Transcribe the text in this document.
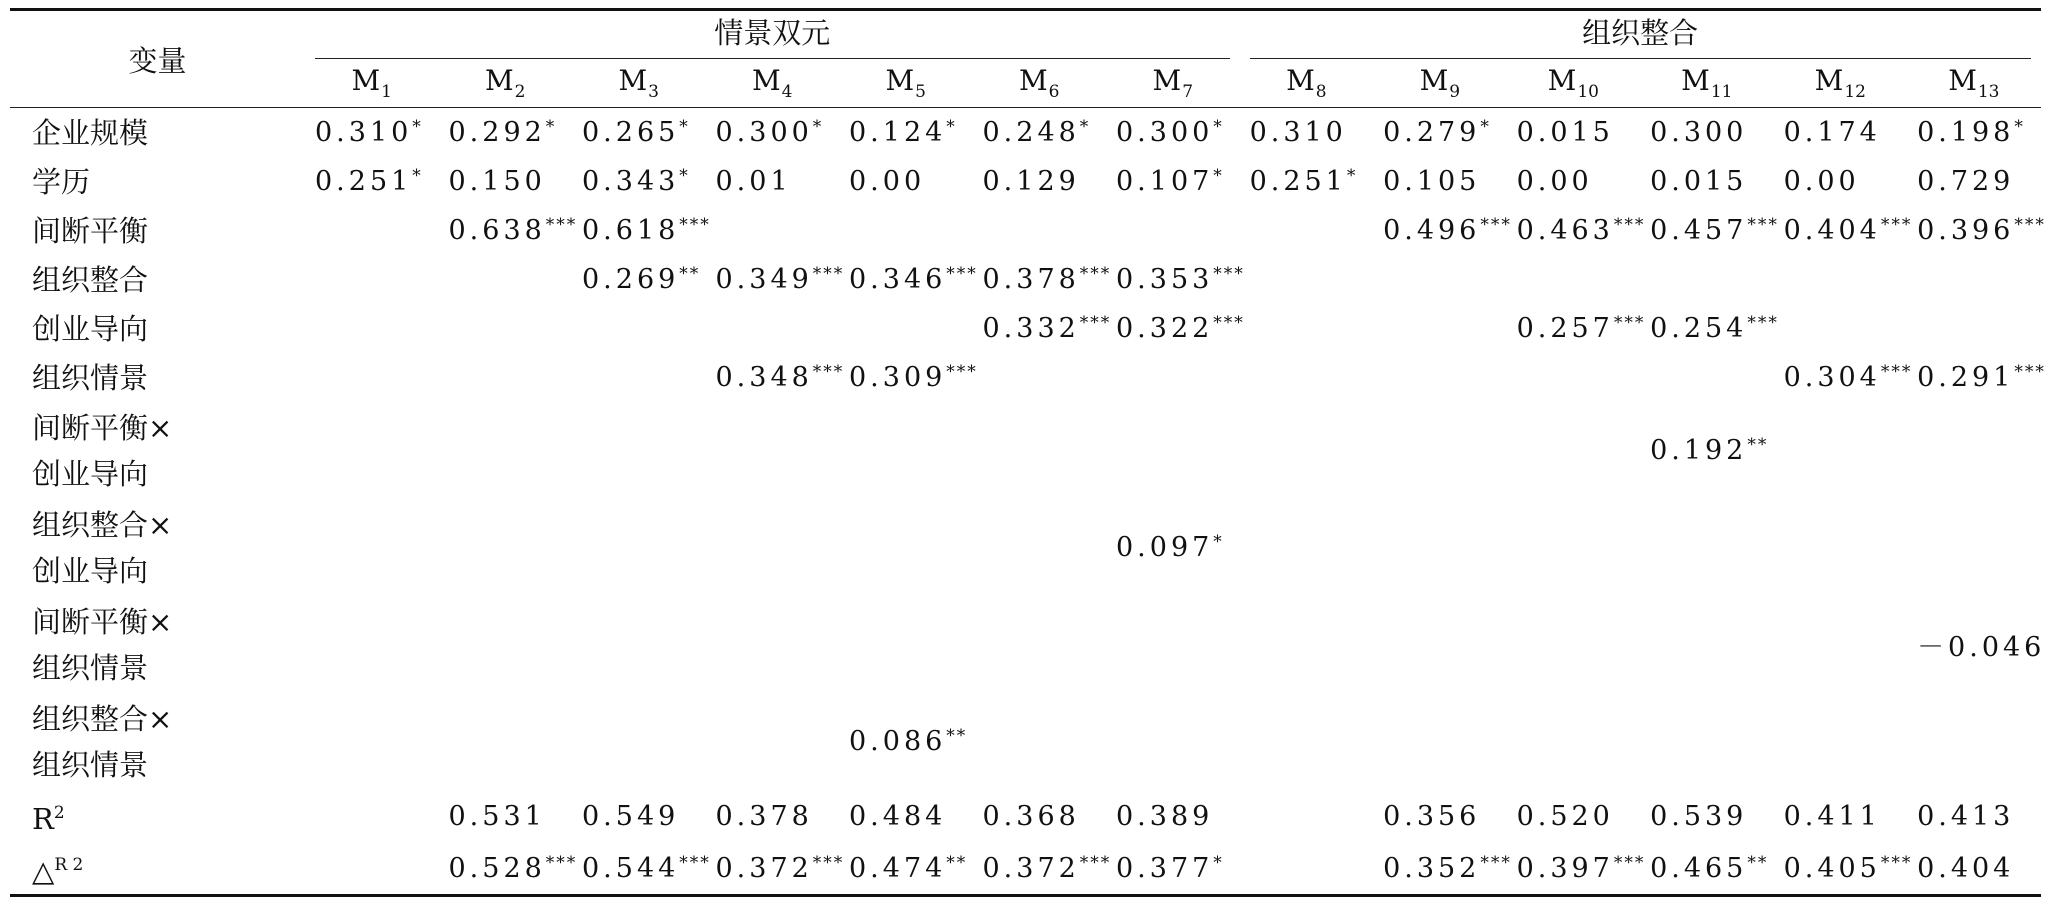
变量	情景双元							组织整合					

	$M_1$	$M_2$	$M_3$	$M_4$	$M_5$	$M_6$	$M_7$	$M_8$	$M_9$	$M_{10}$	$M_{11}$	$M_{12}$	$M_{13}$

企业规模	0.310*	0.292*	0.265*	0.300*	0.124*	0.248*	0.300*	0.310	0.279*	0.015	0.300	0.174	0.198*

学历	0.251*	0.150	0.343*	0.01	0.00	0.129	0.107*	0.251*	0.105	0.00	0.015	0.00	0.729

间断平衡		0.638***	0.618***						0.496***	0.463***	0.457***	0.404***	0.396***

组织整合			0.269**	0.349***	0.346***	0.378***	0.353***						

创业导向						0.332***	0.322***			0.257***	0.254***		

组织情景				0.348***	0.309***							0.304***	0.291***

间断平衡×
创业导向											0.192**		

组织整合×
创业导向							0.097*						

间断平衡×
组织情景													－0.046

组织整合×
组织情景					0.086**								

$R^2$		0.531	0.549	0.378	0.484	0.368	0.389		0.356	0.520	0.539	0.411	0.413

△$^{R 2}$		0.528***	0.544***	0.372***	0.474**	0.372***	0.377*		0.352***	0.397***	0.465**	0.405***	0.404
